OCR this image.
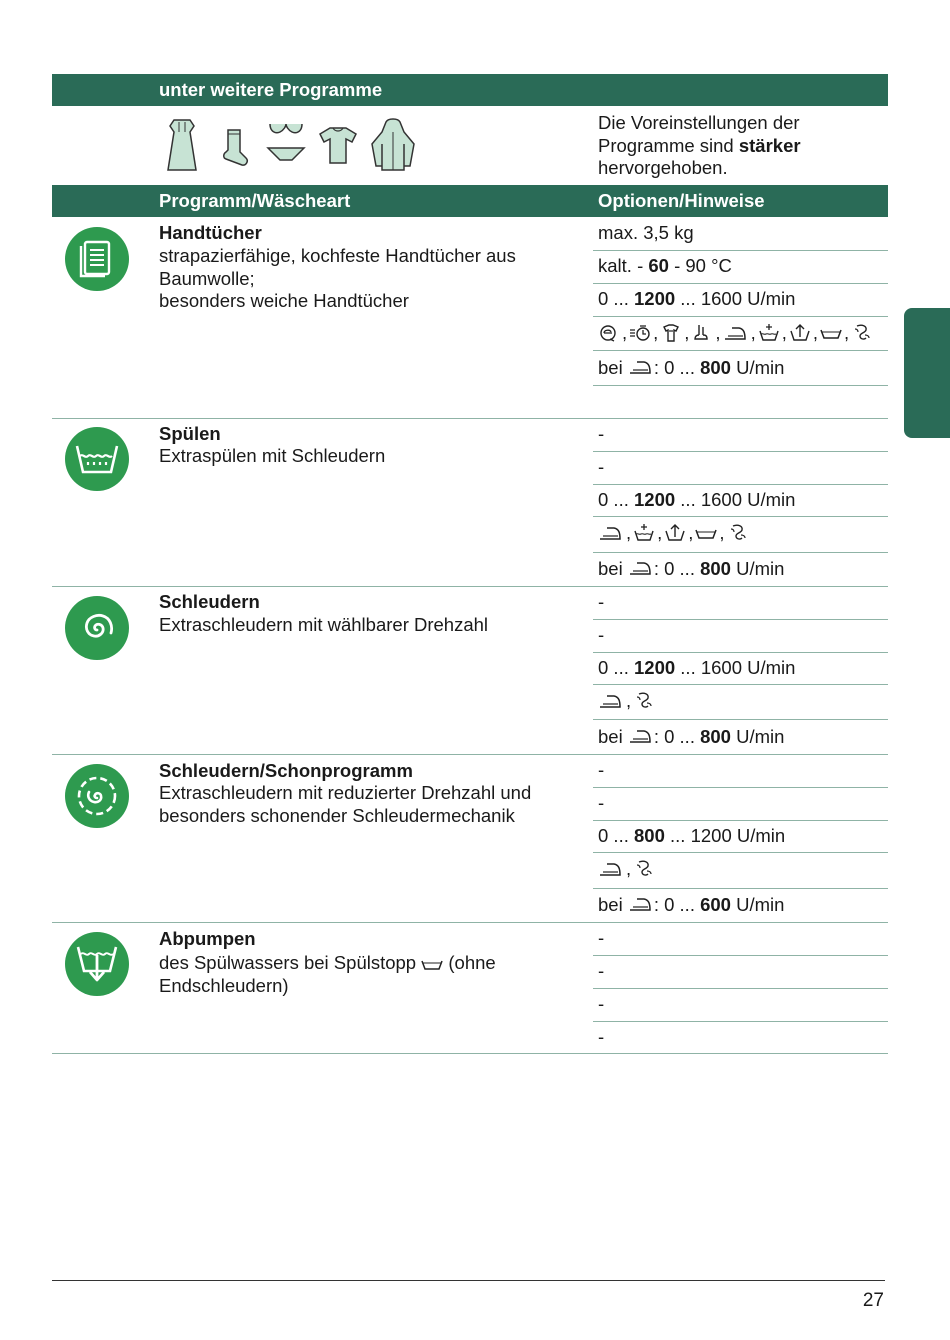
unter weitere Programme
Die Voreinstellungen der
Programme sind stärker
hervorgehoben.
Programm/Wäscheart	Optionen/Hinweise
Handtücher
strapazierfähige, kochfeste Handtücher aus
Baumwolle;
besonders weiche Handtücher
max. 3,5 kg
kalt. - 60 - 90 °C
0 ... 1200 ... 1600 U/min
, , , , , , , ,
bei : 0 ... 800 U/min
Spülen
Extraspülen mit Schleudern
-
-
0 ... 1200 ... 1600 U/min
, , , ,
bei : 0 ... 800 U/min
Schleudern
Extraschleudern mit wählbarer Drehzahl
-
-
0 ... 1200 ... 1600 U/min
,
bei : 0 ... 800 U/min
Schleudern/Schonprogramm
Extraschleudern mit reduzierter Drehzahl und
besonders schonender Schleudermechanik
-
-
0 ... 800 ... 1200 U/min
,
bei : 0 ... 600 U/min
Abpumpen
des Spülwassers bei Spülstopp  (ohne
Endschleudern)
-
-
-
-
27
